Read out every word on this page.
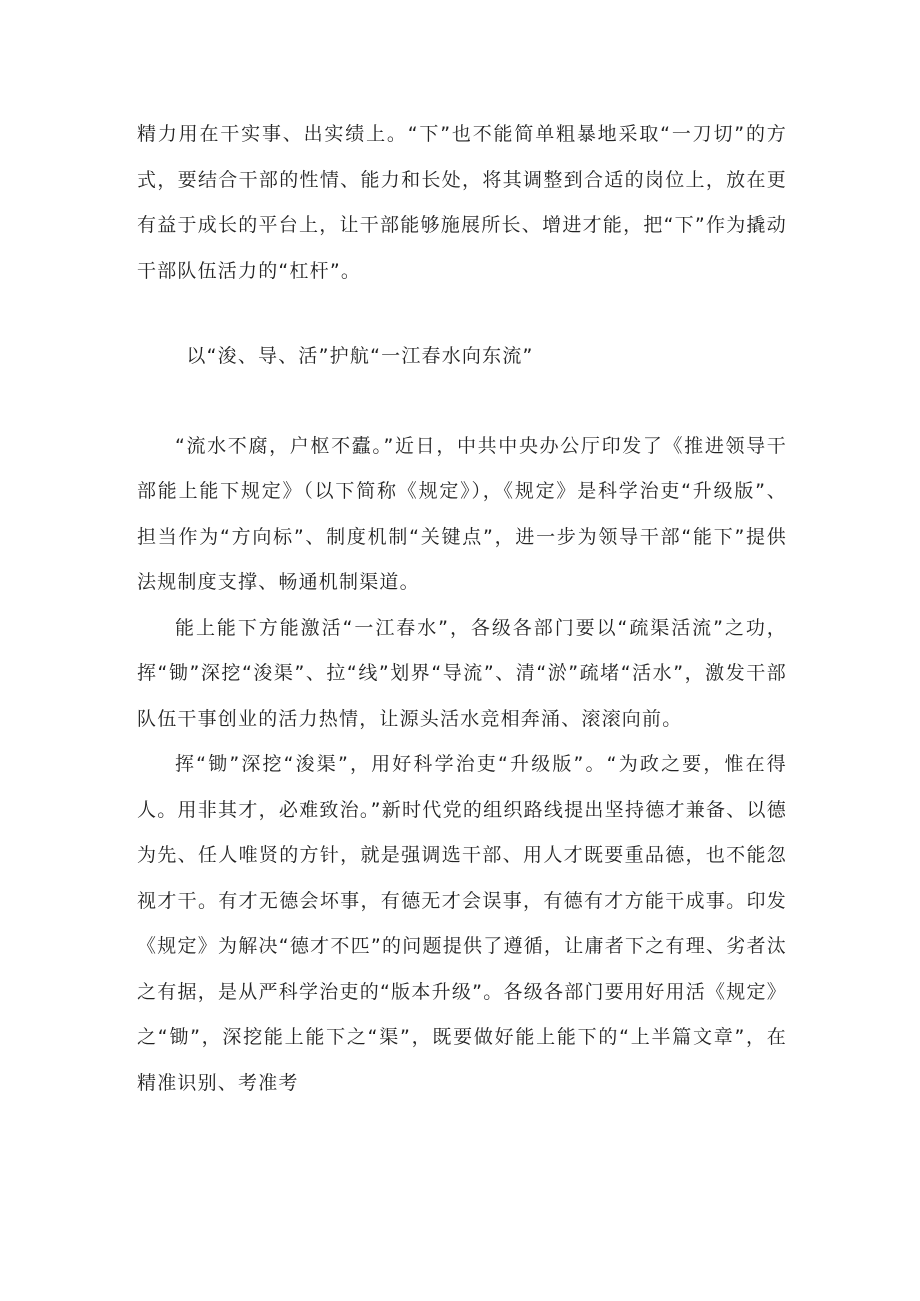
精力用在干实事、出实绩上。“下”也不能简单粗暴地采取“一刀切”的方式，要结合干部的性情、能力和长处，将其调整到合适的岗位上，放在更有益于成长的平台上，让干部能够施展所长、增进才能，把“下”作为撬动干部队伍活力的“杠杆”。

以“浚、导、活”护航“一江春水向东流”

“流水不腐，户枢不蠹。”近日，中共中央办公厅印发了《推进领导干部能上能下规定》（以下简称《规定》），《规定》是科学治吏“升级版”、担当作为“方向标”、制度机制“关键点”，进一步为领导干部“能下”提供法规制度支撑、畅通机制渠道。

能上能下方能激活“一江春水”，各级各部门要以“疏渠活流”之功，挥“锄”深挖“浚渠”、拉“线”划界“导流”、清“淤”疏堵“活水”，激发干部队伍干事创业的活力热情，让源头活水竞相奔涌、滚滚向前。

挥“锄”深挖“浚渠”，用好科学治吏“升级版”。“为政之要，惟在得人。用非其才，必难致治。”新时代党的组织路线提出坚持德才兼备、以德为先、任人唯贤的方针，就是强调选干部、用人才既要重品德，也不能忽视才干。有才无德会坏事，有德无才会误事，有德有才方能干成事。印发《规定》为解决“德才不匹”的问题提供了遵循，让庸者下之有理、劣者汰之有据，是从严科学治吏的“版本升级”。各级各部门要用好用活《规定》之“锄”，深挖能上能下之“渠”，既要做好能上能下的“上半篇文章”，在精准识别、考准考
